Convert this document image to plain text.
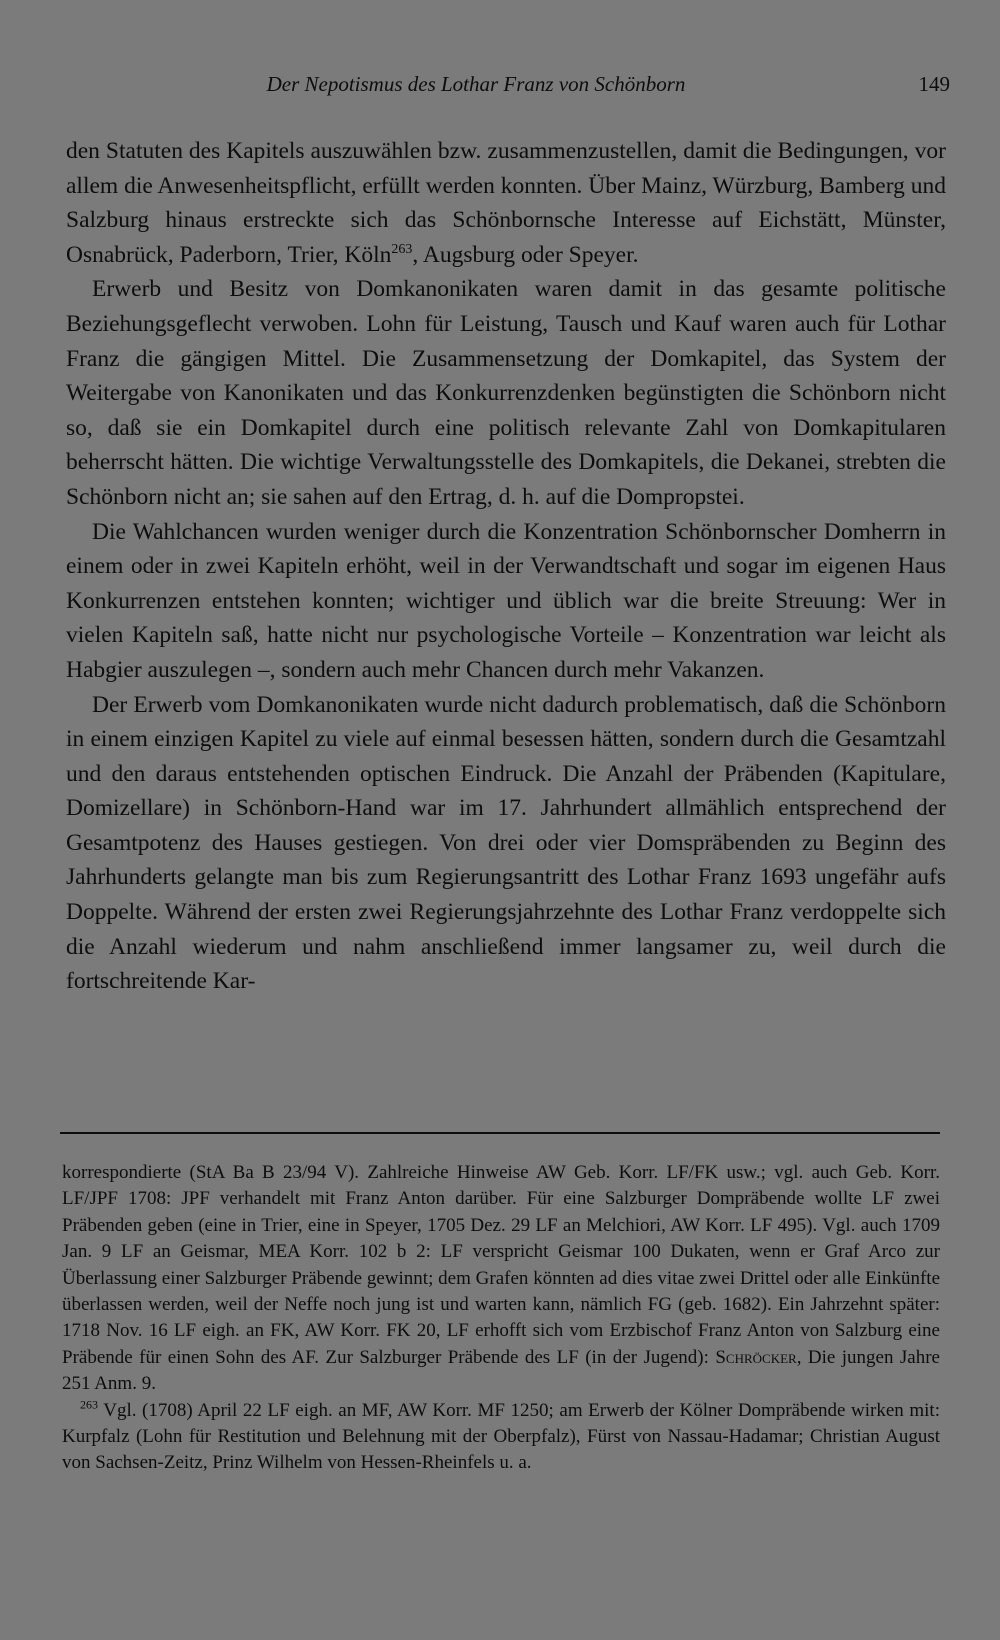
Der Nepotismus des Lothar Franz von Schönborn	149

den Statuten des Kapitels auszuwählen bzw. zusammenzustellen, damit die Bedingungen, vor allem die Anwesenheitspflicht, erfüllt werden konnten. Über Mainz, Würzburg, Bamberg und Salzburg hinaus erstreckte sich das Schönbornsche Interesse auf Eichstätt, Münster, Osnabrück, Paderborn, Trier, Köln$^{263}$, Augsburg oder Speyer.

Erwerb und Besitz von Domkanonikaten waren damit in das gesamte politische Beziehungsgeflecht verwoben. Lohn für Leistung, Tausch und Kauf waren auch für Lothar Franz die gängigen Mittel. Die Zusammensetzung der Domkapitel, das System der Weitergabe von Kanonikaten und das Konkurrenzdenken begünstigten die Schönborn nicht so, daß sie ein Domkapitel durch eine politisch relevante Zahl von Domkapitularen beherrscht hätten. Die wichtige Verwaltungsstelle des Domkapitels, die Dekanei, strebten die Schönborn nicht an; sie sahen auf den Ertrag, d. h. auf die Dompropstei.

Die Wahlchancen wurden weniger durch die Konzentration Schönbornscher Domherrn in einem oder in zwei Kapiteln erhöht, weil in der Verwandtschaft und sogar im eigenen Haus Konkurrenzen entstehen konnten; wichtiger und üblich war die breite Streuung: Wer in vielen Kapiteln saß, hatte nicht nur psychologische Vorteile – Konzentration war leicht als Habgier auszulegen –, sondern auch mehr Chancen durch mehr Vakanzen.

Der Erwerb vom Domkanonikaten wurde nicht dadurch problematisch, daß die Schönborn in einem einzigen Kapitel zu viele auf einmal besessen hätten, sondern durch die Gesamtzahl und den daraus entstehenden optischen Eindruck. Die Anzahl der Präbenden (Kapitulare, Domizellare) in Schönborn-Hand war im 17. Jahrhundert allmählich entsprechend der Gesamtpotenz des Hauses gestiegen. Von drei oder vier Domspräbenden zu Beginn des Jahrhunderts gelangte man bis zum Regierungsantritt des Lothar Franz 1693 ungefähr aufs Doppelte. Während der ersten zwei Regierungsjahrzehnte des Lothar Franz verdoppelte sich die Anzahl wiederum und nahm anschließend immer langsamer zu, weil durch die fortschreitende Kar-

korrespondierte (StA Ba B 23/94 V). Zahlreiche Hinweise AW Geb. Korr. LF/FK usw.; vgl. auch Geb. Korr. LF/JPF 1708: JPF verhandelt mit Franz Anton darüber. Für eine Salzburger Dompräbende wollte LF zwei Präbenden geben (eine in Trier, eine in Speyer, 1705 Dez. 29 LF an Melchiori, AW Korr. LF 495). Vgl. auch 1709 Jan. 9 LF an Geismar, MEA Korr. 102 b 2: LF verspricht Geismar 100 Dukaten, wenn er Graf Arco zur Überlassung einer Salzburger Präbende gewinnt; dem Grafen könnten ad dies vitae zwei Drittel oder alle Einkünfte überlassen werden, weil der Neffe noch jung ist und warten kann, nämlich FG (geb. 1682). Ein Jahrzehnt später: 1718 Nov. 16 LF eigh. an FK, AW Korr. FK 20, LF erhofft sich vom Erzbischof Franz Anton von Salzburg eine Präbende für einen Sohn des AF. Zur Salzburger Präbende des LF (in der Jugend): Schröcker, Die jungen Jahre 251 Anm. 9.

$^{263}$ Vgl. (1708) April 22 LF eigh. an MF, AW Korr. MF 1250; am Erwerb der Kölner Dompräbende wirken mit: Kurpfalz (Lohn für Restitution und Belehnung mit der Oberpfalz), Fürst von Nassau-Hadamar; Christian August von Sachsen-Zeitz, Prinz Wilhelm von Hessen-Rheinfels u. a.
